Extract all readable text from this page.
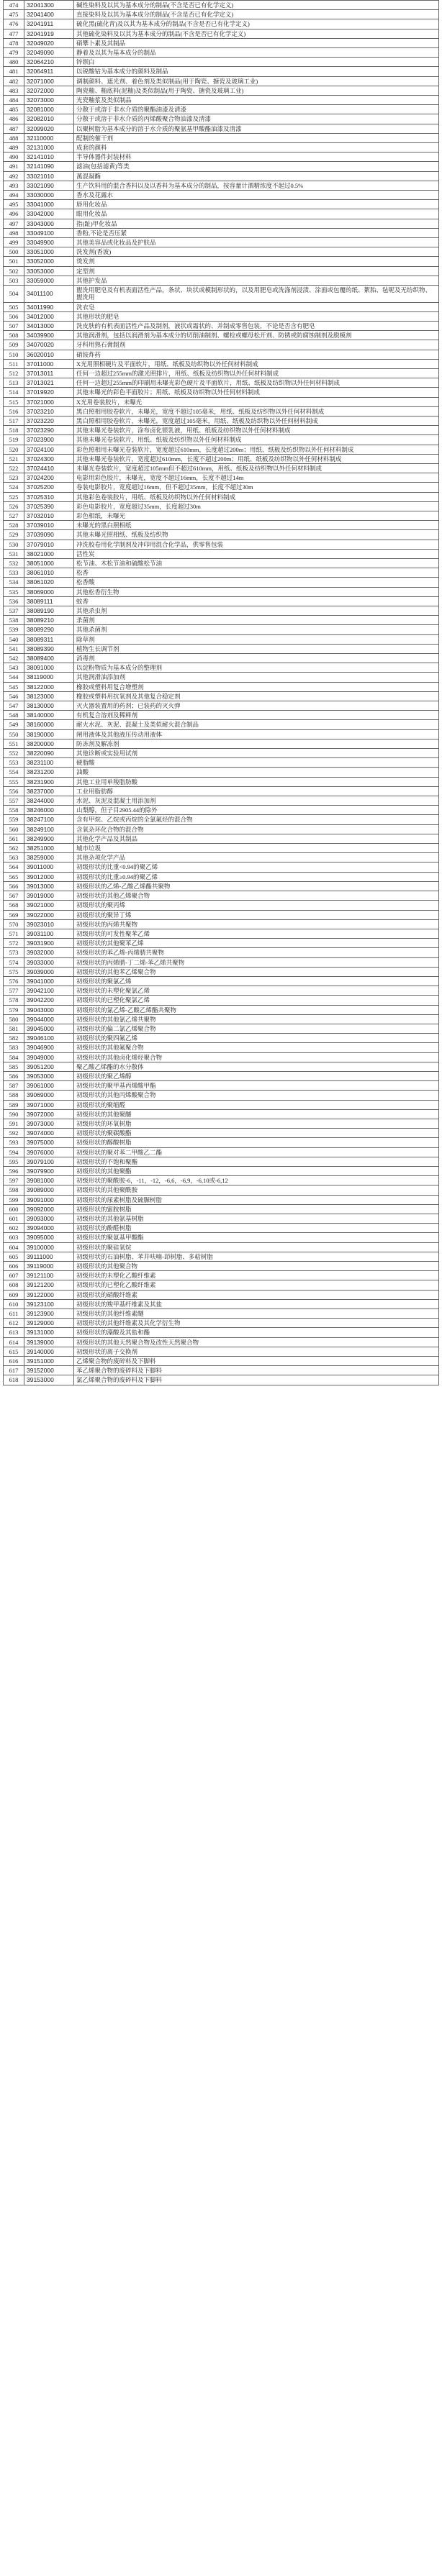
474	32041300	碱性染料及以其为基本成分的制品(不含是否已有化学定义)
475	32041400	直接染料及以其为基本成分的制品(不含是否已有化学定义)
476	32041911	硫化黑(硫化青)及以其为基本成分的制品(不含是否已有化学定义)
477	32041919	其他硫化染料及以其为基本成分的制品(不含是否已有化学定义)
478	32049020	硝攀卜素及其制品
479	32049090	静着及以其为基本成分的制品
480	32064210	锌钡白
481	32064911	以锐酸钴为基本成分的颜料及制品
482	32071000	调制颜料、遮光剂、着色剂及类似制品(用于陶瓷、搪瓷及玻璃工业)
483	32072000	陶瓷釉、釉底料(泥釉)及类似制品(用于陶瓷、搪瓷及玻璃工业)
484	32073000	光瓷釉浆及类似制品
485	32081000	分散于或溶于非水介质的聚酯油漆及清漆
486	32082010	分散于或溶于非水介质的丙烯酸聚合物油漆及清漆
487	32099020	以聚树脂为基本成分的溶于水介质的聚氨基甲酸酯油漆及清漆
488	32110000	配制的催干剂
489	32131000	成套的颜料
490	32141010	半导体器件封装材料
491	32141090	滤油(包括滤黄)等类
492	33021010	萬混凝酶
493	33021090	生产饮料用的混合香料以及以香料为基本成分的制品，按容量计酒精浓度不起过0.5%
494	33030000	香水及花露水
495	33041000	唇用化妆品
496	33042000	眼用化妆品
497	33043000	指(趾)甲化妆品
498	33049100	香粉,不论是否压紧
499	33049900	其他美容品或化妆品及护肤品
500	33051000	洗发剂(香波)
501	33052000	烫发剂
502	33053000	定型剂
503	33059000	其他护发品
504	34011100	盥洗用肥皂及有机表面活性产品，条状、块状或模制形状的，以及用肥皂或洗涤剂浸渍、涂面或包覆的纸、絮胎、毡呢及无纺织物、盥洗用
505	34011990	洗衣皂
506	34012000	其他形状的肥皂
507	34013000	洗皮肤的有机表面活性产品及制剂，液状或霜状的、并制成零售包装，不论是否含有肥皂
508	34039900	其他润滑剂，包括以润滑剂为基本成分的切削油制剂、螺栓或螺母松开剂、防锈或防腐蚀制剂及脱模剂
509	34070020	牙科用熟石膏制剂
510	36020010	硝铵炸药
511	37011000	X光用照相硬片及平面软片，用纸、纸板及纺织物以外任何材料制成
512	37013011	任何一边超过255mm的激光照排片，用纸、纸板及纺织物以外任何材料制成
513	37013021	任何一边超过255mm的印刷用未曝光彩色硬片及平面软片，用纸、纸板及纺织物以外任何材料制成
514	37019920	其他未曝光的彩色平面胶片；用纸、纸板及纺织物以外任何材料制成
515	37021000	X光用卷装胶片，未曝光
516	37023210	黑白照相用胶卷软片，未曝光，宽度不超过105毫米，用纸、纸板及纺织物以外任何材料制成
517	37023220	黑白照相用胶卷软片，未曝光，宽度超过105毫米，用纸、纸板及纺织物以外任何材料制成
518	37023290	其他未曝光卷装软片，涂布卤化银乳液，用纸、纸板及纺织物以外任何材料制成
519	37023900	其他未曝光卷装软片，用纸、纸板及纺织物以外任何材料制成
520	37024100	彩色照相用未曝光卷装软片，宽度超过610mm，长度超过200m；用纸、纸板及纺织物以外任何材料制成
521	37024300	其他未曝光卷装软片，宽度超过610mm，长度不超过200m；用纸、纸板及纺织物以外任何材料制成
522	37024410	未曝光卷装软片，宽度超过105mm但不超过610mm，用纸、纸板及纺织物以外任何材料制成
523	37024200	电影用彩色胶片，未曝光，宽度不超过16mm，长度不超过14m
524	37025200	卷装电影胶片，宽度超过16mm，但不超过35mm，长度不超过30m
525	37025310	其他彩色卷装胶片，用纸、纸板及纺织物以外任何材料制成
526	37025390	彩色电影胶片，宽度超过35mm，长度超过30m
527	37032010	彩色相纸，未曝光
528	37039010	未曝光的黑白照相纸
529	37039090	其他未曝光照相纸、纸板及纺织物
530	37079010	冲洗胶卷用化学制剂及冲印用混合化学品，供零售包装
531	38021000	活性炭
532	38051000	松节油、木松节油和硫酸松节油
533	38061010	松香
534	38061020	松香酸
535	38069000	其他松香衍生物
536	38089111	蚊香
537	38089190	其他杀虫剂
538	38089210	杀菌剂
539	38089290	其他杀菌剂
540	38089311	除草剂
541	38089390	植物生长调节剂
542	38089400	消毒剂
543	38091000	以淀粉物质为基本成分的整理剂
544	38119000	其他润滑油添加剂
545	38122000	橡胶或塑料用复合增塑剂
546	38123000	橡胶或塑料用抗氧剂及其他复合稳定剂
547	38130000	灭火器装置用的药剂；已装药的灭火弹
548	38140000	有机复合溶剂及稀释剂
549	38160000	耐火水泥、灰泥、混凝土及类似耐火混合制品
550	38190000	闸用液体及其他液压传动用液体
551	38200000	防冻剂及解冻剂
552	38220090	其他诊断或实验用试剂
553	38231100	硬脂酸
554	38231200	油酸
555	38231900	其他工业用单羧脂肪酸
556	38237000	工业用脂肪醇
557	38244000	水泥、灰泥及混凝土用添加剂
558	38246000	山梨醇，但子目2905.44的除外
559	38247100	含有甲烷、乙烷或丙烷的全氯氟烃的混合物
560	38249100	含氧杂环化合物的混合物
561	38249900	其他化学产品及其制品
562	38251000	城市垃圾
563	38259000	其他杂项化学产品
564	39011000	初级形状的比重<0.94的聚乙烯
565	39012000	初级形状的比重≥0.94的聚乙烯
566	39013000	初级形状的乙烯-乙酸乙烯酯共聚物
567	39019000	初级形状的其他乙烯聚合物
568	39021000	初级形状的聚丙烯
569	39022000	初级形状的聚异丁烯
570	39023010	初级形状的丙烯共聚物
571	39031100	初级形状的可发性聚苯乙烯
572	39031900	初级形状的其他聚苯乙烯
573	39032000	初级形状的苯乙烯-丙烯腈共聚物
574	39033000	初级形状的丙烯腈-丁二烯-苯乙烯共聚物
575	39039000	初级形状的其他苯乙烯聚合物
576	39041000	初级形状的聚氯乙烯
577	39042100	初级形状的未塑化聚氯乙烯
578	39042200	初级形状的已塑化聚氯乙烯
579	39043000	初级形状的氯乙烯-乙酸乙烯酯共聚物
580	39044000	初级形状的其他氯乙烯共聚物
581	39045000	初级形状的偏二氯乙烯聚合物
582	39046100	初级形状的聚四氟乙烯
583	39046900	初级形状的其他氟聚合物
584	39049000	初级形状的其他卤化烯烃聚合物
585	39051200	聚乙酸乙烯酯的水分散体
586	39053000	初级形状的聚乙烯醇
587	39061000	初级形状的聚甲基丙烯酸甲酯
588	39069000	初级形状的其他丙烯酸聚合物
589	39071000	初级形状的聚缩醛
590	39072000	初级形状的其他聚醚
591	39073000	初级形状的环氧树脂
592	39074000	初级形状的聚碳酸酯
593	39075000	初级形状的醇酸树脂
594	39076000	初级形状的聚对苯二甲酸乙二酯
595	39079100	初级形状的不饱和聚酯
596	39079900	初级形状的其他聚酯
597	39081000	初级形状的聚酰胺-6，-11，-12，-6,6，-6,9，-6,10或-6,12
598	39089000	初级形状的其他聚酰胺
599	39091000	初级形状的尿素树脂及硫脲树脂
600	39092000	初级形状的蜜胺树脂
601	39093000	初级形状的其他氨基树脂
602	39094000	初级形状的酚醛树脂
603	39095000	初级形状的聚氨基甲酸酯
604	39100000	初级形状的聚硅氧烷
605	39111000	初级形状的石油树脂、苯并呋喃-茚树脂、多萜树脂
606	39119000	初级形状的其他聚合物
607	39121100	初级形状的未塑化乙酸纤维素
608	39121200	初级形状的已塑化乙酸纤维素
609	39122000	初级形状的硝酸纤维素
610	39123100	初级形状的羧甲基纤维素及其盐
611	39123900	初级形状的其他纤维素醚
612	39129000	初级形状的其他纤维素及其化学衍生物
613	39131000	初级形状的藻酸及其盐和酯
614	39139000	初级形状的其他天然聚合物及改性天然聚合物
615	39140000	初级形状的离子交换剂
616	39151000	乙烯聚合物的废碎料及下脚料
617	39152000	苯乙烯聚合物的废碎料及下脚料
618	39153000	氯乙烯聚合物的废碎料及下脚料
